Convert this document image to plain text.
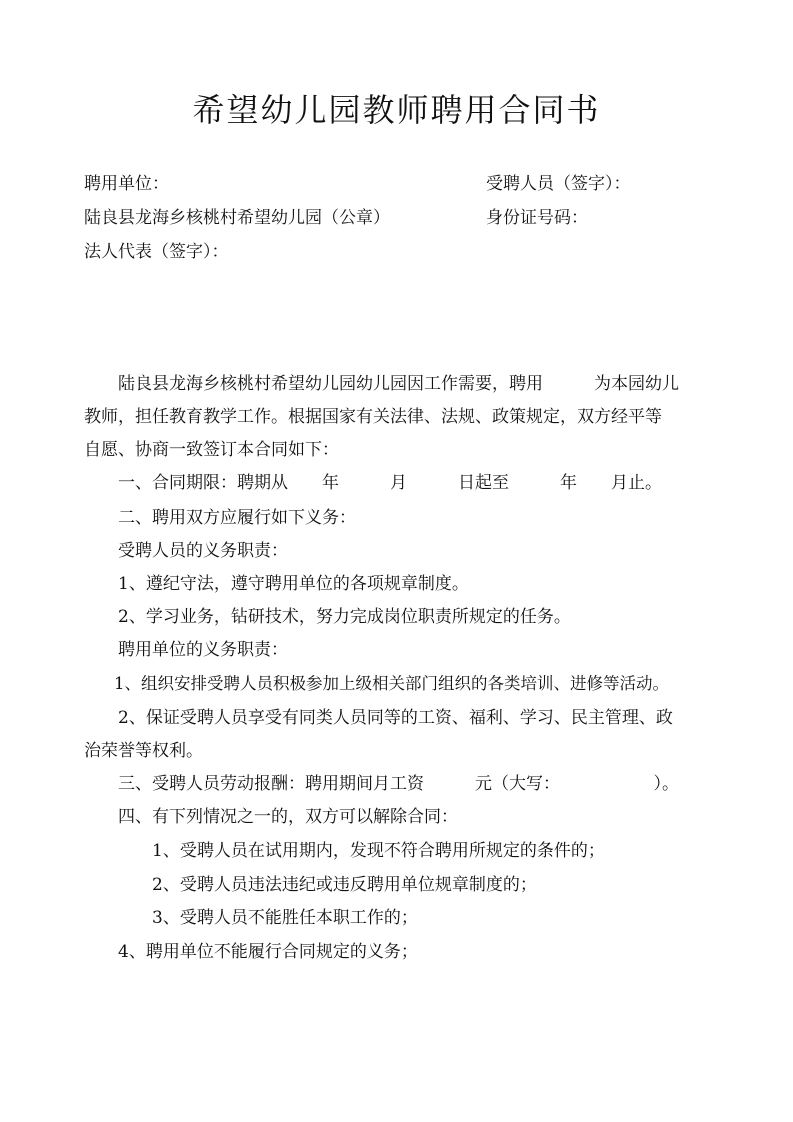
希望幼儿园教师聘用合同书
聘用单位：	受聘人员（签字）：
陆良县龙海乡核桃村希望幼儿园（公章）	身份证号码：
法人代表（签字）：
陆良县龙海乡核桃村希望幼儿园幼儿园因工作需要，聘用　　　为本园幼儿
教师，担任教育教学工作。根据国家有关法律、法规、政策规定，双方经平等
自愿、协商一致签订本合同如下：
一、合同期限：聘期从　　年　　　月　　　日起至　　　年　　月止。
二、聘用双方应履行如下义务：
受聘人员的义务职责：
1、遵纪守法，遵守聘用单位的各项规章制度。
2、学习业务，钻研技术，努力完成岗位职责所规定的任务。
聘用单位的义务职责：
1、组织安排受聘人员积极参加上级相关部门组织的各类培训、进修等活动。
2、保证受聘人员享受有同类人员同等的工资、福利、学习、民主管理、政
治荣誉等权利。
三、受聘人员劳动报酬：聘用期间月工资　　　元（大写：　　　　　　）。
四、有下列情况之一的，双方可以解除合同：
1、受聘人员在试用期内，发现不符合聘用所规定的条件的；
2、受聘人员违法违纪或违反聘用单位规章制度的；
3、受聘人员不能胜任本职工作的；
4、聘用单位不能履行合同规定的义务；
